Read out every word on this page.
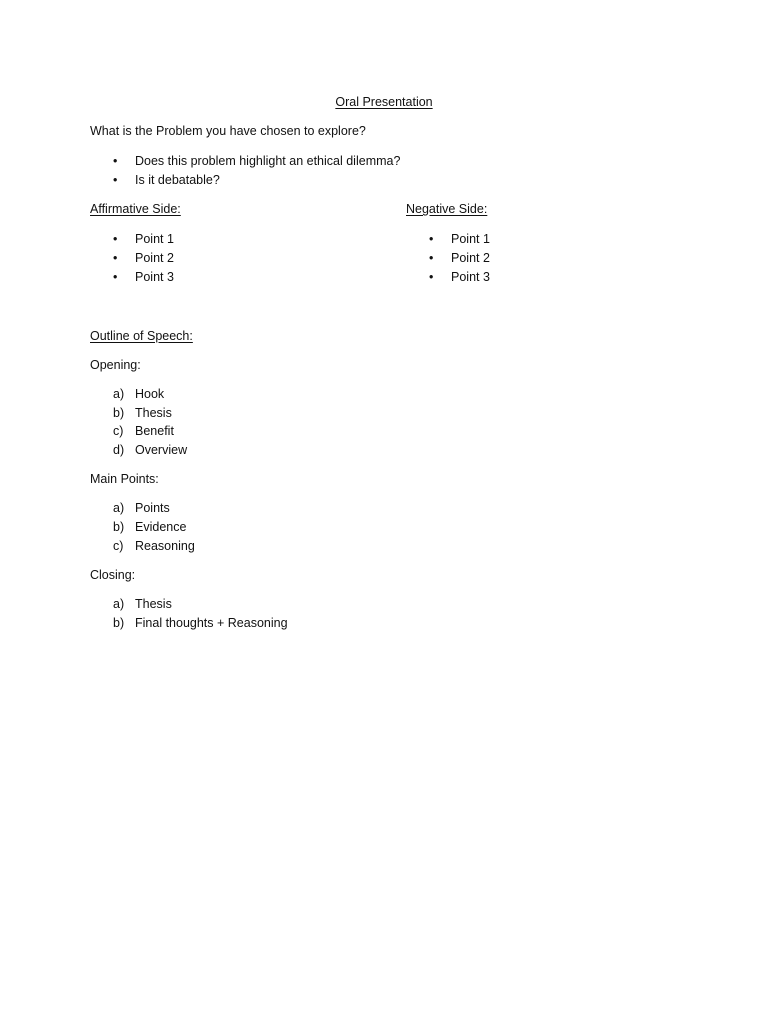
Oral Presentation
What is the Problem you have chosen to explore?
• Does this problem highlight an ethical dilemma?
• Is it debatable?
Affirmative Side:
• Point 1
• Point 2
• Point 3
Negative Side:
• Point 1
• Point 2
• Point 3
Outline of Speech:
Opening:
a) Hook
b) Thesis
c) Benefit
d) Overview
Main Points:
a) Points
b) Evidence
c) Reasoning
Closing:
a) Thesis
b) Final thoughts + Reasoning
